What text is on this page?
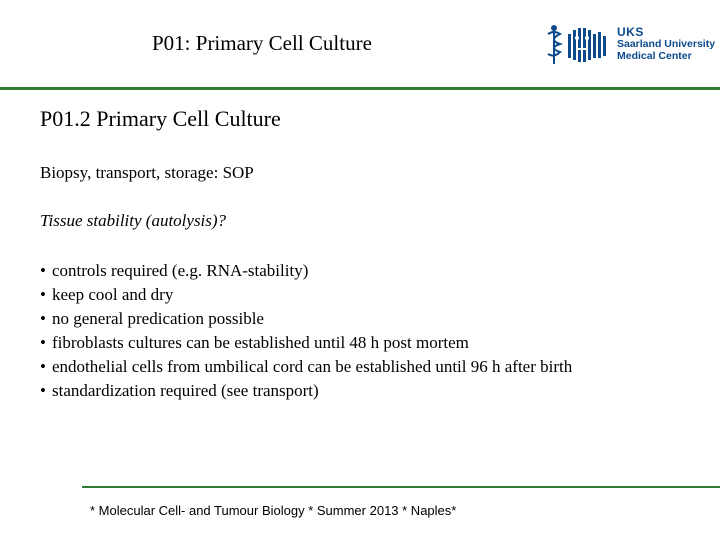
P01: Primary Cell Culture	UKS
Saarland University
Medical Center
P01.2 Primary Cell Culture
Biopsy, transport, storage: SOP
Tissue stability (autolysis)?
• controls required (e.g. RNA-stability)
• keep cool and dry
• no general predication possible
• fibroblasts cultures can be established until 48 h post mortem
• endothelial cells from umbilical cord can be established until 96 h after birth
• standardization required (see transport)
* Molecular Cell- and Tumour Biology * Summer 2013 * Naples*
